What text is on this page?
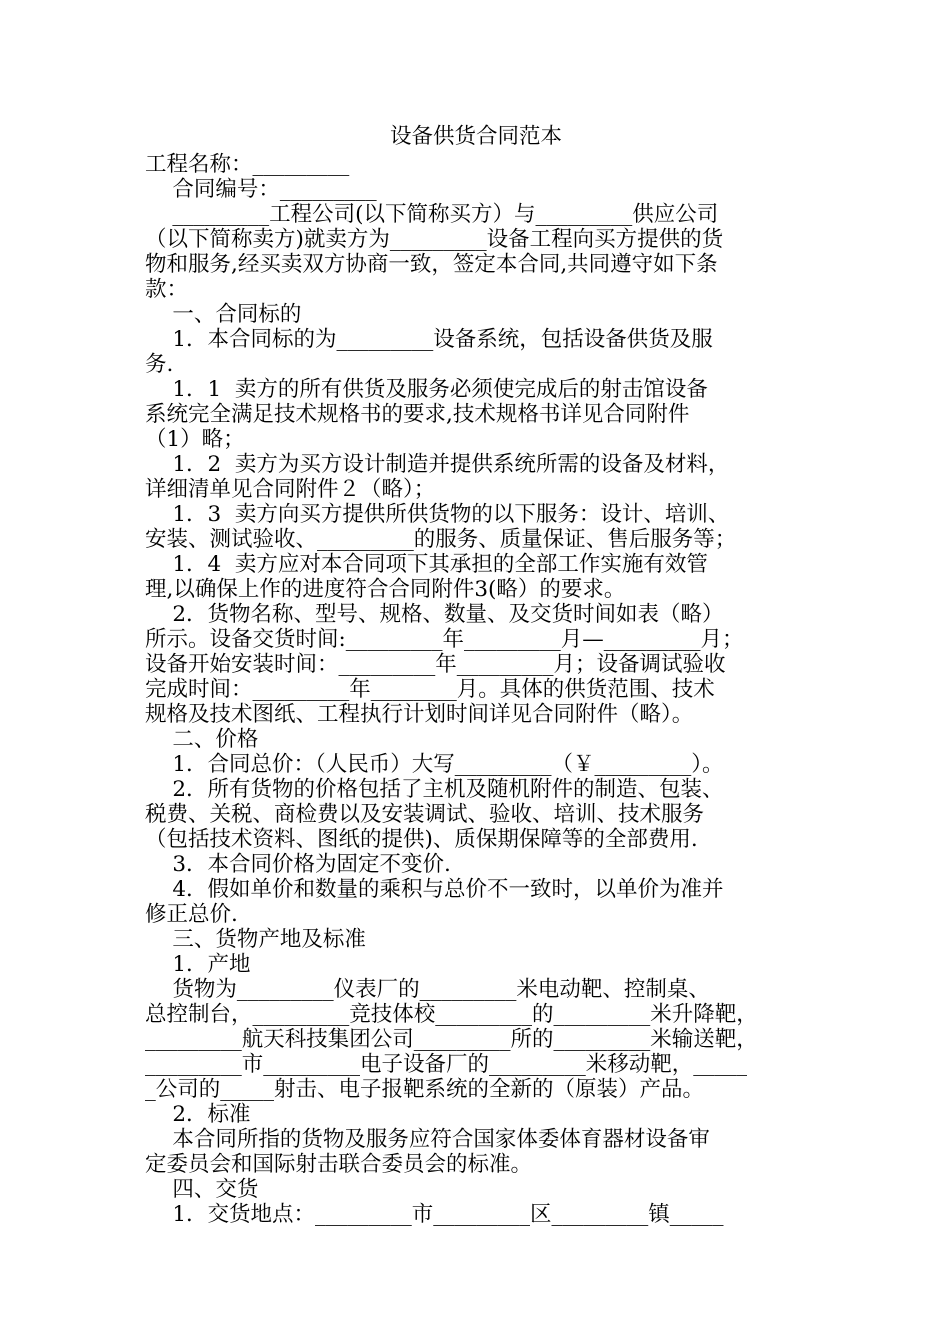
设备供货合同范本
工程名称：_________
合同编号：_________
_________工程公司(以下简称买方）与_________供应公司
（以下简称卖方)就卖方为_________设备工程向买方提供的货
物和服务,经买卖双方协商一致，签定本合同,共同遵守如下条
款：
一、合同标的
1．本合同标的为_________设备系统，包括设备供货及服
务.
1．1  卖方的所有供货及服务必须使完成后的射击馆设备
系统完全满足技术规格书的要求,技术规格书详见合同附件
（1）略；
1．2  卖方为买方设计制造并提供系统所需的设备及材料，
详细清单见合同附件２（略）；
1．3  卖方向买方提供所供货物的以下服务：设计、培训、
安装、测试验收、_________的服务、质量保证、售后服务等；
1．4  卖方应对本合同项下其承担的全部工作实施有效管
理,以确保上作的进度符合合同附件3(略）的要求。
2．货物名称、型号、规格、数量、及交货时间如表（略）
所示。设备交货时间:_________年_________月—_________月；
设备开始安装时间：_________年_________月；设备调试验收
完成时间：_________年________月。具体的供货范围、技术
规格及技术图纸、工程执行计划时间详见合同附件（略）。
二、价格
1．合同总价：（人民币）大写_________（￥_________）。
2．所有货物的价格包括了主机及随机附件的制造、包装、
税费、关税、商检费以及安装调试、验收、培训、技术服务
（包括技术资料、图纸的提供)、质保期保障等的全部费用.
3．本合同价格为固定不变价.
4．假如单价和数量的乘积与总价不一致时，以单价为准并
修正总价.
三、货物产地及标准
1．产地
货物为_________仪表厂的_________米电动靶、控制桌、
总控制台，_________竞技体校_________的_________米升降靶，
_________航天科技集团公司_________所的_________米输送靶，
_________市_________电子设备厂的_________米移动靶，_____
_公司的_____射击、电子报靶系统的全新的（原装）产品。
2．标准
本合同所指的货物及服务应符合国家体委体育器材设备审
定委员会和国际射击联合委员会的标准。
四、交货
1．交货地点：_________市_________区_________镇_____
